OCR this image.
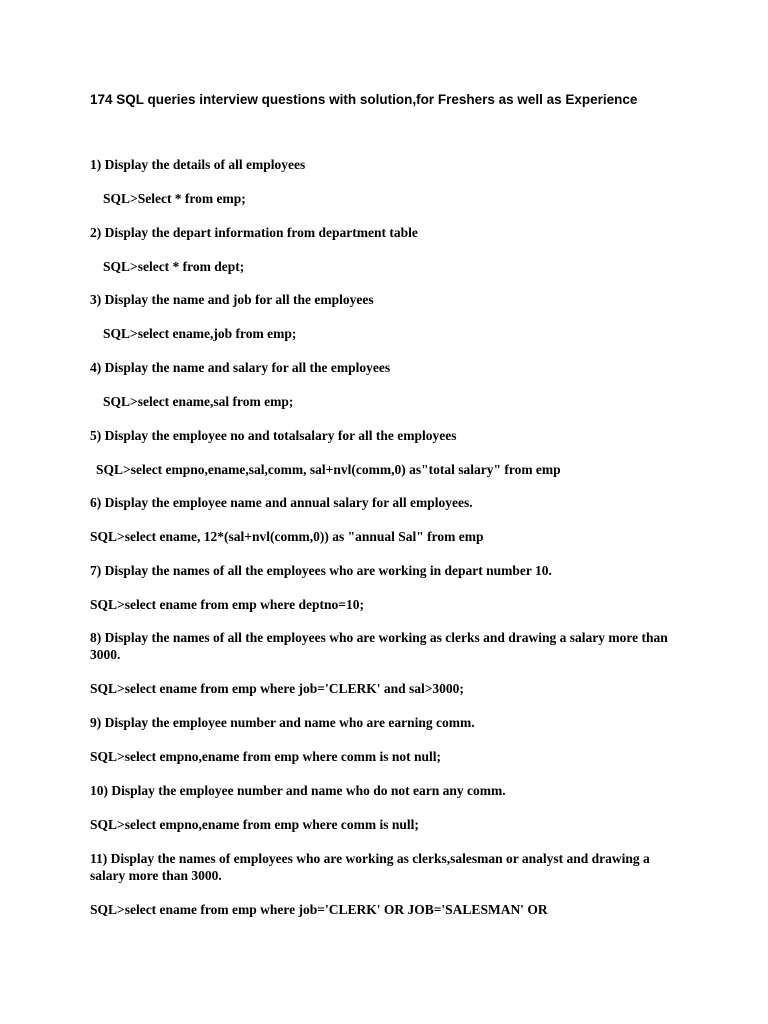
174 SQL queries interview questions with solution,for Freshers as well as Experience
1) Display the details of all employees
SQL>Select * from emp;
2) Display the depart information from department table
SQL>select * from dept;
3) Display the name and job for all the employees
SQL>select ename,job from emp;
4) Display the name and salary for all the employees
SQL>select ename,sal from emp;
5) Display the employee no and totalsalary for all the employees
SQL>select empno,ename,sal,comm, sal+nvl(comm,0) as"total salary" from emp
6) Display the employee name and annual salary for all employees.
SQL>select ename, 12*(sal+nvl(comm,0)) as "annual Sal" from emp
7) Display the names of all the employees who are working in depart number 10.
SQL>select ename from emp where deptno=10;
8) Display the names of all the employees who are working as clerks and drawing a salary more than 3000.
SQL>select ename from emp where job='CLERK' and sal>3000;
9) Display the employee number and name who are earning comm.
SQL>select empno,ename from emp where comm is not null;
10) Display the employee number and name who do not earn any comm.
SQL>select empno,ename from emp where comm is null;
11) Display the names of employees who are working as clerks,salesman or analyst and drawing a salary more than 3000.
SQL>select ename from emp where job='CLERK' OR JOB='SALESMAN' OR
